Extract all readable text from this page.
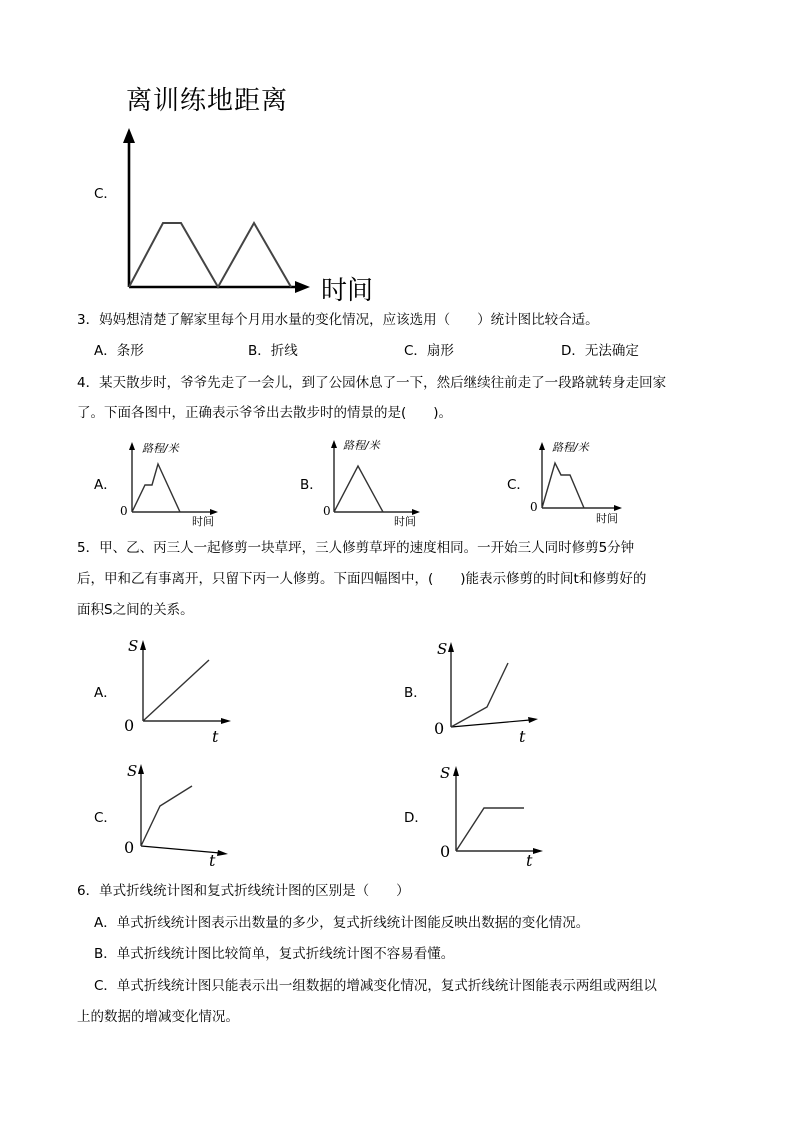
C．
离训练地距离
时间
3．妈妈想清楚了解家里每个月用水量的变化情况，应该选用（　　）统计图比较合适。
A．条形	B．折线	C．扇形	D．无法确定
4．某天散步时，爷爷先走了一会儿，到了公园休息了一下，然后继续往前走了一段路就转身走回家
了。下面各图中，正确表示爷爷出去散步时的情景的是(　　)。
A．
0
路程/米
时间
B．
0
路程/米
时间
C．
0
路程/米
时间
5．甲、乙、丙三人一起修剪一块草坪，三人修剪草坪的速度相同。一开始三人同时修剪5分钟
后，甲和乙有事离开，只留下丙一人修剪。下面四幅图中，(　　)能表示修剪的时间t和修剪好的
面积S之间的关系。
A．
S
0
t
B．
S
0	t
C．
S
0
t
D．
S
0	t
6．单式折线统计图和复式折线统计图的区别是（　　）
A．单式折线统计图表示出数量的多少，复式折线统计图能反映出数据的变化情况。
B．单式折线统计图比较简单，复式折线统计图不容易看懂。
C．单式折线统计图只能表示出一组数据的增减变化情况，复式折线统计图能表示两组或两组以
上的数据的增减变化情况。
